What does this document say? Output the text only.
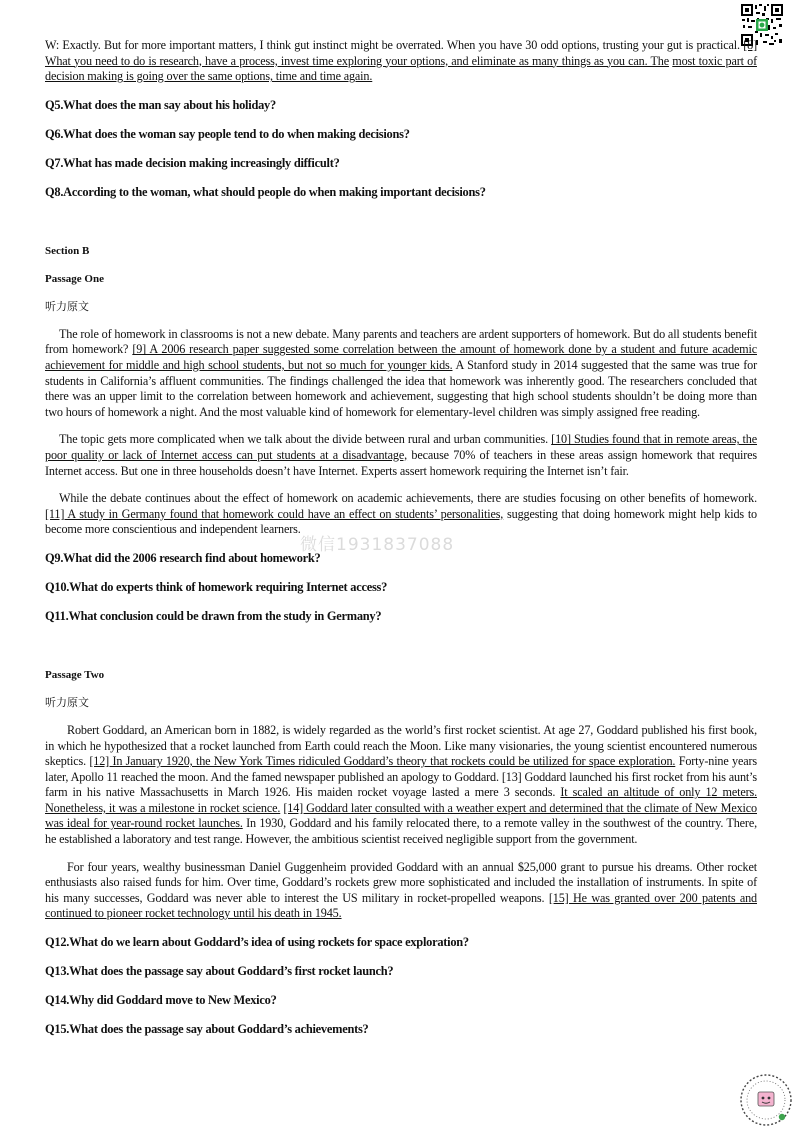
微信1931837088

W: Exactly. But for more important matters, I think gut instinct might be overrated. When you have 30 odd options, trusting your gut is practical. [8] What you need to do is research, have a process, invest time exploring your options, and eliminate as many things as you can. The most toxic part of decision making is going over the same options, time and time again.

Q5.What does the man say about his holiday?

Q6.What does the woman say people tend to do when making decisions?

Q7.What has made decision making increasingly difficult?

Q8.According to the woman, what should people do when making important decisions?

Section B

Passage One

听力原文

The role of homework in classrooms is not a new debate. Many parents and teachers are ardent supporters of homework. But do all students benefit from homework? [9] A 2006 research paper suggested some correlation between the amount of homework done by a student and future academic achievement for middle and high school students, but not so much for younger kids. A Stanford study in 2014 suggested that the same was true for students in California’s affluent communities. The findings challenged the idea that homework was inherently good. The researchers concluded that there was an upper limit to the correlation between homework and achievement, suggesting that high school students shouldn’t be doing more than two hours of homework a night. And the most valuable kind of homework for elementary-level children was simply assigned free reading.

The topic gets more complicated when we talk about the divide between rural and urban communities. [10] Studies found that in remote areas, the poor quality or lack of Internet access can put students at a disadvantage, because 70% of teachers in these areas assign homework that requires Internet access. But one in three households doesn’t have Internet. Experts assert homework requiring the Internet isn’t fair.

While the debate continues about the effect of homework on academic achievements, there are studies focusing on other benefits of homework. [11] A study in Germany found that homework could have an effect on students’ personalities, suggesting that doing homework might help kids to become more conscientious and independent learners.

Q9.What did the 2006 research find about homework?

Q10.What do experts think of homework requiring Internet access?

Q11.What conclusion could be drawn from the study in Germany?

Passage Two

听力原文

Robert Goddard, an American born in 1882, is widely regarded as the world’s first rocket scientist. At age 27, Goddard published his first book, in which he hypothesized that a rocket launched from Earth could reach the Moon. Like many visionaries, the young scientist encountered numerous skeptics. [12] In January 1920, the New York Times ridiculed Goddard’s theory that rockets could be utilized for space exploration. Forty-nine years later, Apollo 11 reached the moon. And the famed newspaper published an apology to Goddard. [13] Goddard launched his first rocket from his aunt’s farm in his native Massachusetts in March 1926. His maiden rocket voyage lasted a mere 3 seconds. It scaled an altitude of only 12 meters. Nonetheless, it was a milestone in rocket science. [14] Goddard later consulted with a weather expert and determined that the climate of New Mexico was ideal for year-round rocket launches. In 1930, Goddard and his family relocated there, to a remote valley in the southwest of the country. There, he established a laboratory and test range. However, the ambitious scientist received negligible support from the government.

For four years, wealthy businessman Daniel Guggenheim provided Goddard with an annual $25,000 grant to pursue his dreams. Other rocket enthusiasts also raised funds for him. Over time, Goddard’s rockets grew more sophisticated and included the installation of instruments. In spite of his many successes, Goddard was never able to interest the US military in rocket-propelled weapons. [15] He was granted over 200 patents and continued to pioneer rocket technology until his death in 1945.

Q12.What do we learn about Goddard’s idea of using rockets for space exploration?

Q13.What does the passage say about Goddard’s first rocket launch?

Q14.Why did Goddard move to New Mexico?

Q15.What does the passage say about Goddard’s achievements?
